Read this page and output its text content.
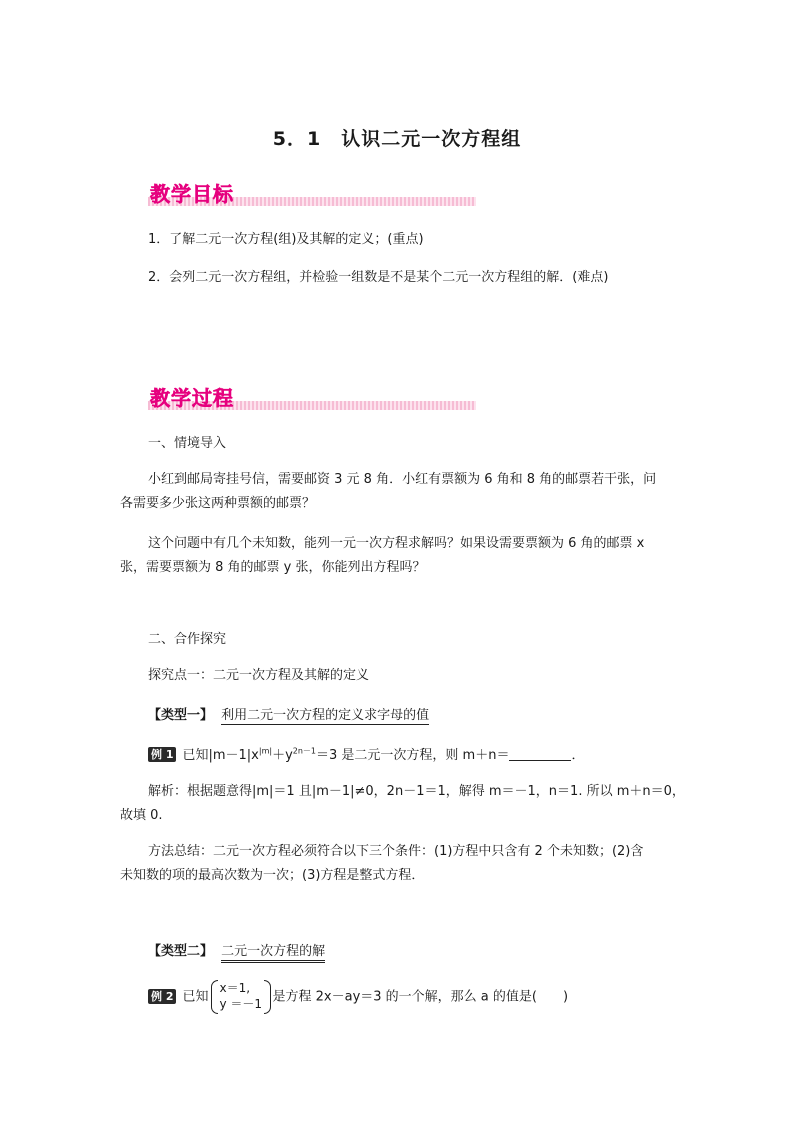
5．1　认识二元一次方程组
教学目标
1．了解二元一次方程(组)及其解的定义；(重点)
2．会列二元一次方程组，并检验一组数是不是某个二元一次方程组的解．(难点)
教学过程
一、情境导入
小红到邮局寄挂号信，需要邮资 3 元 8 角．小红有票额为 6 角和 8 角的邮票若干张，问
各需要多少张这两种票额的邮票？
这个问题中有几个未知数，能列一元一次方程求解吗？如果设需要票额为 6 角的邮票 x
张，需要票额为 8 角的邮票 y 张，你能列出方程吗？
二、合作探究
探究点一：二元一次方程及其解的定义
【类型一】 利用二元一次方程的定义求字母的值
例 1 已知$|m-1|x^{|m|}+y^{2n-1}=3$ 是二元一次方程，则 m＋n＝	．
解析：根据题意得|m|＝1 且|m－1|≠0，2n－1＝1，解得 m＝－1，n＝1. 所以 m＋n＝0，
故填 0.
方法总结：二元一次方程必须符合以下三个条件：(1)方程中只含有 2 个未知数；(2)含
未知数的项的最高次数为一次；(3)方程是整式方程．
【类型二】 二元一次方程的解
例 2 已知
x＝1,
y ＝－1 是方程 2x－ay＝3 的一个解，那么 a 的值是(　　)
